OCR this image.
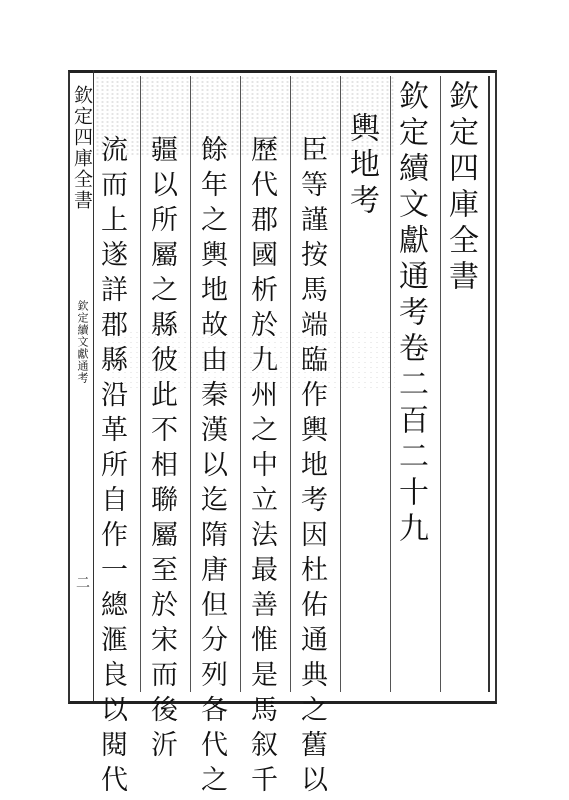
欽定四庫全書
欽定續文獻通考
二
欽定四庫全書
欽定續文獻通考卷二百二十九
輿地考
臣等謹按馬端臨作輿地考因杜佑通典之舊以
歷代郡國析於九州之中立法最善惟是馬叙千
餘年之輿地故由秦漢以迄隋唐但分列各代之
疆以所屬之縣彼此不相聯屬至於宋而後沂
流而上遂詳郡縣沿革所自作一總滙良以閱代
